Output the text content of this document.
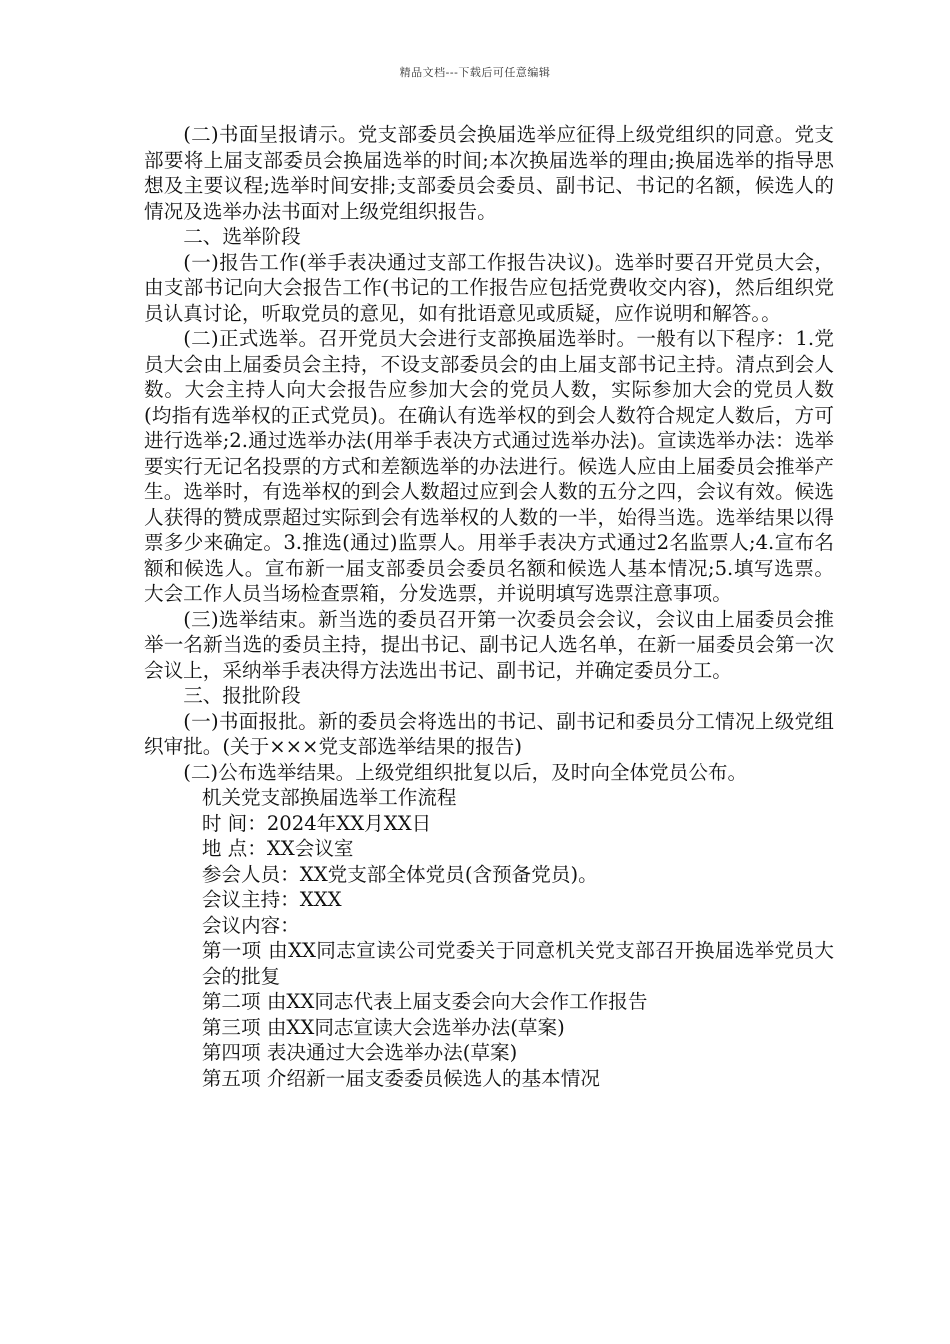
精品文档---下载后可任意编辑

(二)书面呈报请示。党支部委员会换届选举应征得上级党组织的同意。党支部要将上届支部委员会换届选举的时间;本次换届选举的理由;换届选举的指导思想及主要议程;选举时间安排;支部委员会委员、副书记、书记的名额，候选人的情况及选举办法书面对上级党组织报告。

二、选举阶段

(一)报告工作(举手表决通过支部工作报告决议)。选举时要召开党员大会，由支部书记向大会报告工作(书记的工作报告应包括党费收交内容)，然后组织党员认真讨论，听取党员的意见，如有批语意见或质疑，应作说明和解答。。

(二)正式选举。召开党员大会进行支部换届选举时。一般有以下程序：1.党员大会由上届委员会主持，不设支部委员会的由上届支部书记主持。清点到会人数。大会主持人向大会报告应参加大会的党员人数，实际参加大会的党员人数(均指有选举权的正式党员)。在确认有选举权的到会人数符合规定人数后，方可进行选举;2.通过选举办法(用举手表决方式通过选举办法)。宣读选举办法：选举要实行无记名投票的方式和差额选举的办法进行。候选人应由上届委员会推举产生。选举时，有选举权的到会人数超过应到会人数的五分之四，会议有效。候选人获得的赞成票超过实际到会有选举权的人数的一半，始得当选。选举结果以得票多少来确定。3.推选(通过)监票人。用举手表决方式通过2名监票人;4.宣布名额和候选人。宣布新一届支部委员会委员名额和候选人基本情况;5.填写选票。大会工作人员当场检查票箱，分发选票，并说明填写选票注意事项。

(三)选举结束。新当选的委员召开第一次委员会会议，会议由上届委员会推举一名新当选的委员主持，提出书记、副书记人选名单，在新一届委员会第一次会议上，采纳举手表决得方法选出书记、副书记，并确定委员分工。

三、报批阶段

(一)书面报批。新的委员会将选出的书记、副书记和委员分工情况上级党组织审批。(关于×××党支部选举结果的报告)

(二)公布选举结果。上级党组织批复以后，及时向全体党员公布。

机关党支部换届选举工作流程

时 间：2024年XX月XX日

地 点：XX会议室

参会人员：XX党支部全体党员(含预备党员)。

会议主持：XXX

会议内容：

第一项 由XX同志宣读公司党委关于同意机关党支部召开换届选举党员大会的批复

第二项 由XX同志代表上届支委会向大会作工作报告

第三项 由XX同志宣读大会选举办法(草案)

第四项 表决通过大会选举办法(草案)

第五项 介绍新一届支委委员候选人的基本情况
